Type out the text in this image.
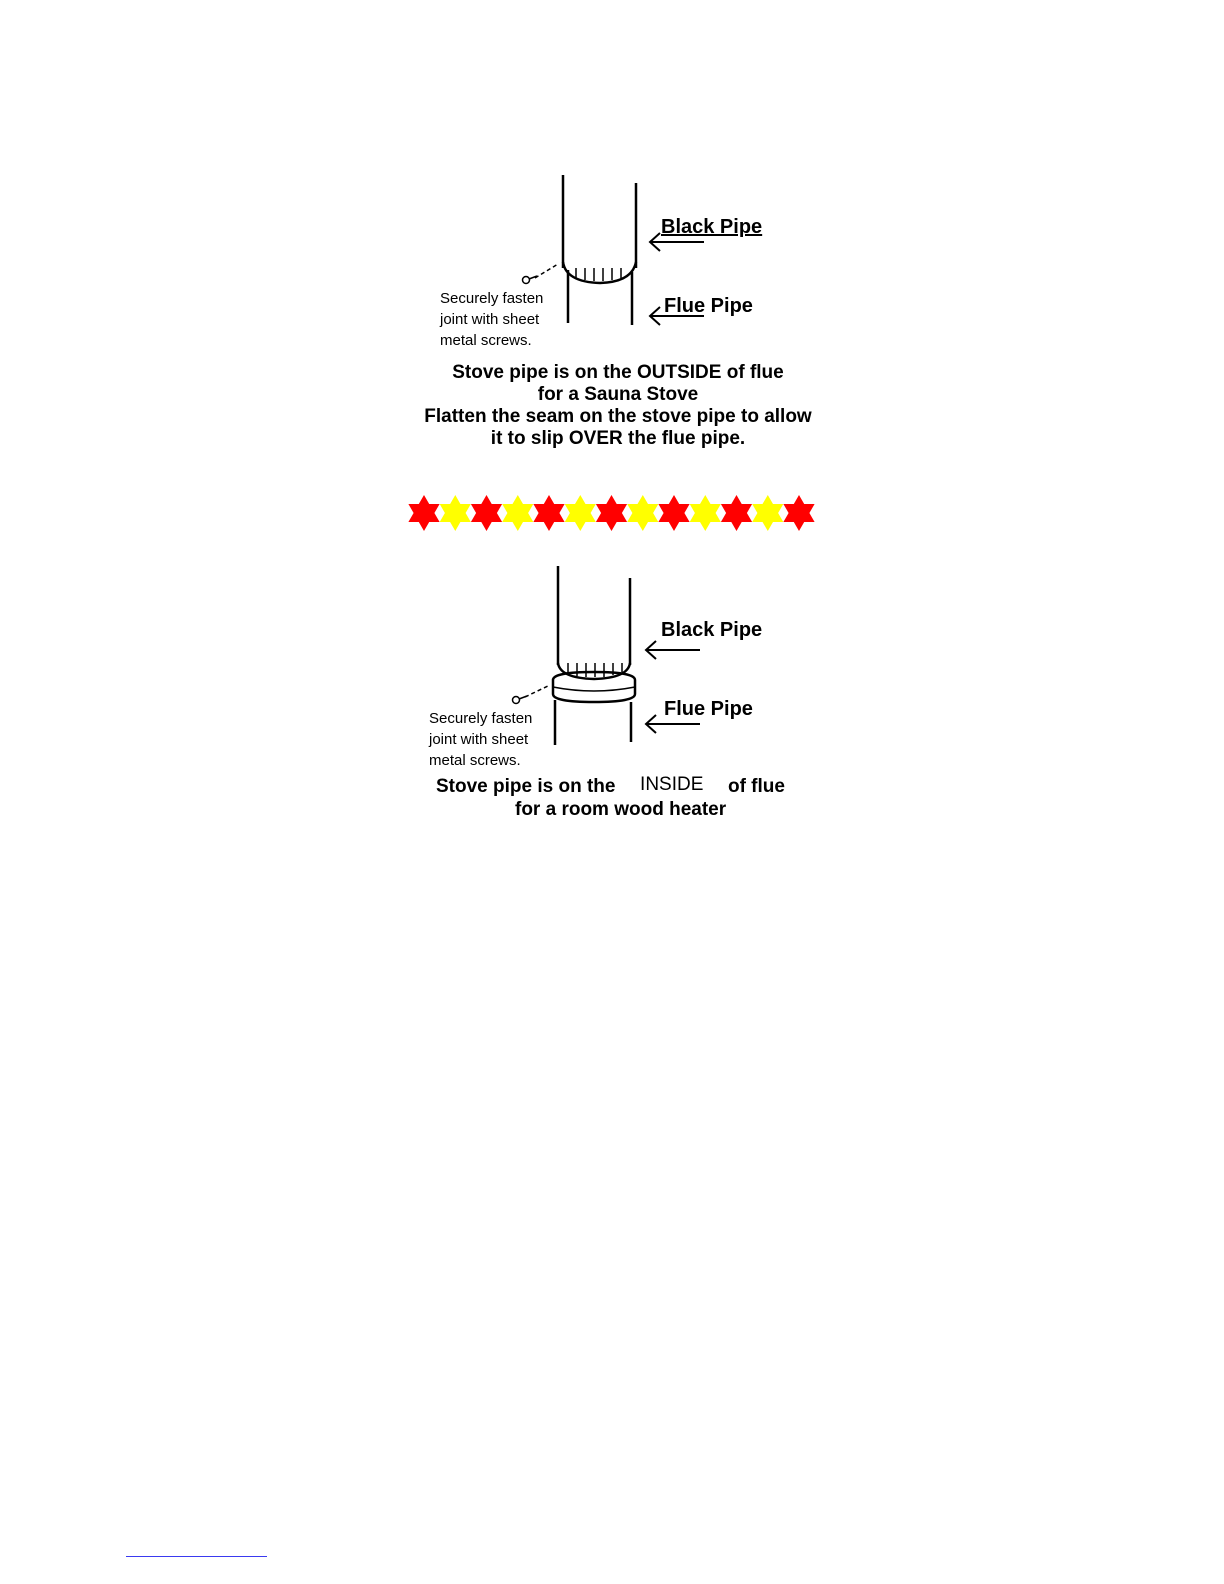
Black Pipe
Flue Pipe
Securely fasten
joint with sheet
metal screws.
Stove pipe is on the OUTSIDE of flue
for a Sauna Stove
Flatten the seam on the stove pipe to allow
it to slip OVER the flue pipe.
Black Pipe
Flue Pipe
Securely fasten
joint with sheet
metal screws.
Stove pipe is on the INSIDE of flue
for a room wood heater
